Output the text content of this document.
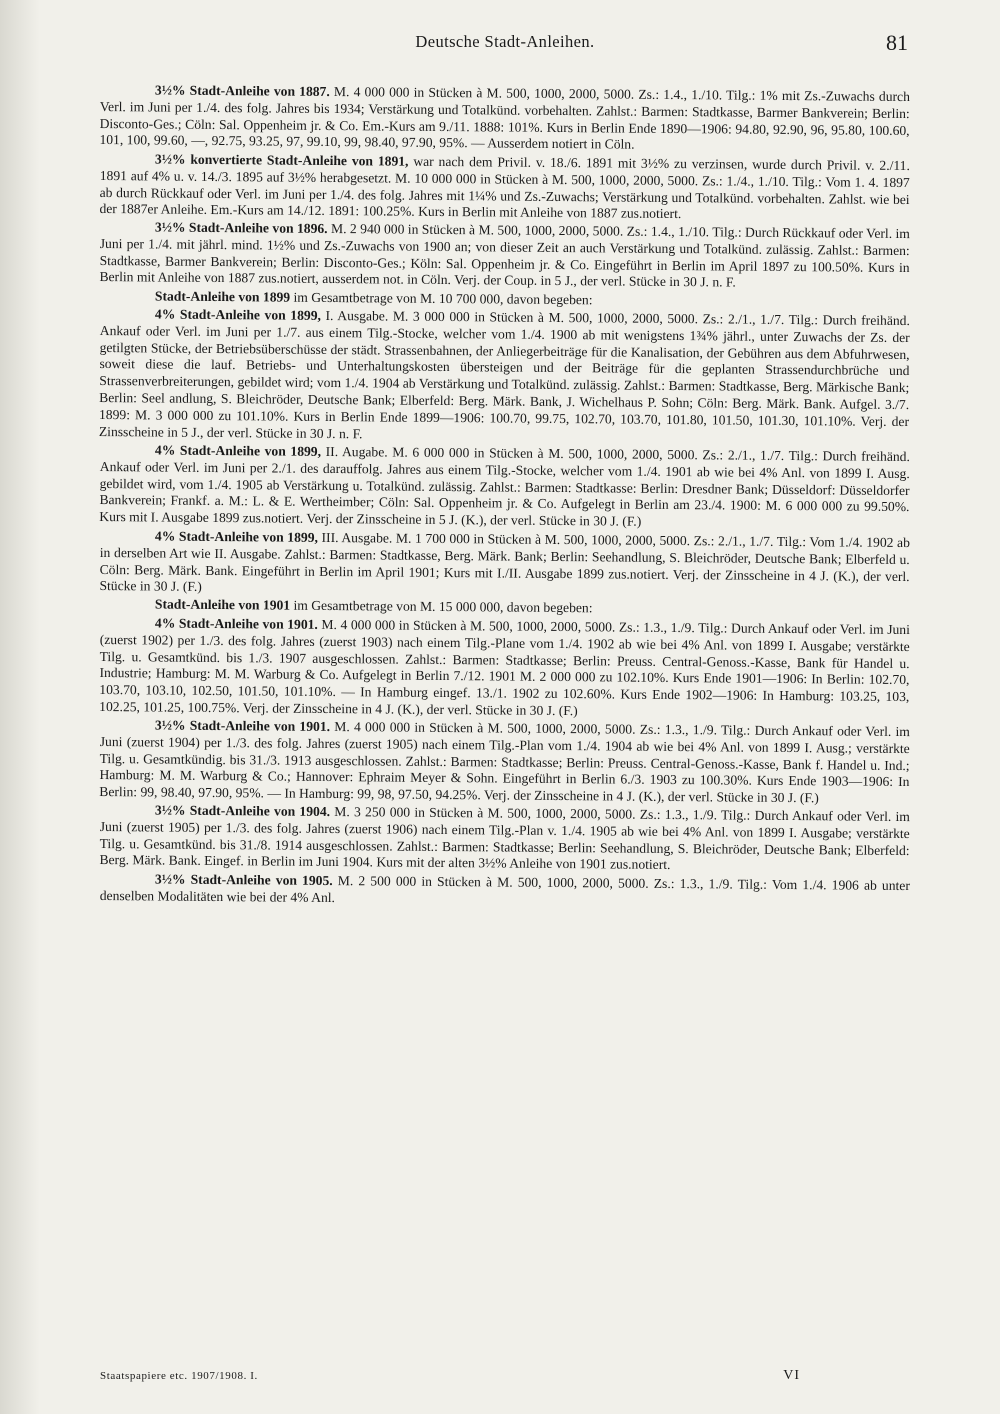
Deutsche Stadt-Anleihen.	81

3½% Stadt-Anleihe von 1887. M. 4 000 000 in Stücken à M. 500, 1000, 2000, 5000. Zs.: 1.4., 1./10. Tilg.: 1% mit Zs.-Zuwachs durch Verl. im Juni per 1./4. des folg. Jahres bis 1934; Verstärkung und Totalkünd. vorbehalten. Zahlst.: Barmen: Stadtkasse, Barmer Bankverein; Berlin: Disconto-Ges.; Cöln: Sal. Oppenheim jr. & Co. Em.-Kurs am 9./11. 1888: 101%. Kurs in Berlin Ende 1890—1906: 94.80, 92.90, 96, 95.80, 100.60, 101, 100, 99.60, —, 92.75, 93.25, 97, 99.10, 99, 98.40, 97.90, 95%. — Ausserdem notiert in Cöln.

3½% konvertierte Stadt-Anleihe von 1891, war nach dem Privil. v. 18./6. 1891 mit 3½% zu verzinsen, wurde durch Privil. v. 2./11. 1891 auf 4% u. v. 14./3. 1895 auf 3½% herabgesetzt. M. 10 000 000 in Stücken à M. 500, 1000, 2000, 5000. Zs.: 1./4., 1./10. Tilg.: Vom 1. 4. 1897 ab durch Rückkauf oder Verl. im Juni per 1./4. des folg. Jahres mit 1¼% und Zs.-Zuwachs; Verstärkung und Totalkünd. vorbehalten. Zahlst. wie bei der 1887er Anleihe. Em.-Kurs am 14./12. 1891: 100.25%. Kurs in Berlin mit Anleihe von 1887 zus.notiert.

3½% Stadt-Anleihe von 1896. M. 2 940 000 in Stücken à M. 500, 1000, 2000, 5000. Zs.: 1.4., 1./10. Tilg.: Durch Rückkauf oder Verl. im Juni per 1./4. mit jährl. mind. 1½% und Zs.-Zuwachs von 1900 an; von dieser Zeit an auch Verstärkung und Totalkünd. zulässig. Zahlst.: Barmen: Stadtkasse, Barmer Bankverein; Berlin: Disconto-Ges.; Köln: Sal. Oppenheim jr. & Co. Eingeführt in Berlin im April 1897 zu 100.50%. Kurs in Berlin mit Anleihe von 1887 zus.notiert, ausserdem not. in Cöln. Verj. der Coup. in 5 J., der verl. Stücke in 30 J. n. F.

Stadt-Anleihe von 1899 im Gesamtbetrage von M. 10 700 000, davon begeben:

4% Stadt-Anleihe von 1899, I. Ausgabe. M. 3 000 000 in Stücken à M. 500, 1000, 2000, 5000. Zs.: 2./1., 1./7. Tilg.: Durch freihänd. Ankauf oder Verl. im Juni per 1./7. aus einem Tilg.-Stocke, welcher vom 1./4. 1900 ab mit wenigstens 1¾% jährl., unter Zuwachs der Zs. der getilgten Stücke, der Betriebsüberschüsse der städt. Strassenbahnen, der Anliegerbeiträge für die Kanalisation, der Gebühren aus dem Abfuhrwesen, soweit diese die lauf. Betriebs- und Unterhaltungskosten übersteigen und der Beiträge für die geplanten Strassendurchbrüche und Strassenverbreiterungen, gebildet wird; vom 1./4. 1904 ab Verstärkung und Totalkünd. zulässig. Zahlst.: Barmen: Stadtkasse, Berg. Märkische Bank; Berlin: Seel andlung, S. Bleichröder, Deutsche Bank; Elberfeld: Berg. Märk. Bank, J. Wichelhaus P. Sohn; Cöln: Berg. Märk. Bank. Aufgel. 3./7. 1899: M. 3 000 000 zu 101.10%. Kurs in Berlin Ende 1899—1906: 100.70, 99.75, 102.70, 103.70, 101.80, 101.50, 101.30, 101.10%. Verj. der Zinsscheine in 5 J., der verl. Stücke in 30 J. n. F.

4% Stadt-Anleihe von 1899, II. Augabe. M. 6 000 000 in Stücken à M. 500, 1000, 2000, 5000. Zs.: 2./1., 1./7. Tilg.: Durch freihänd. Ankauf oder Verl. im Juni per 2./1. des darauffolg. Jahres aus einem Tilg.-Stocke, welcher vom 1./4. 1901 ab wie bei 4% Anl. von 1899 I. Ausg. gebildet wird, vom 1./4. 1905 ab Verstärkung u. Totalkünd. zulässig. Zahlst.: Barmen: Stadtkasse: Berlin: Dresdner Bank; Düsseldorf: Düsseldorfer Bankverein; Frankf. a. M.: L. & E. Wertheimber; Cöln: Sal. Oppenheim jr. & Co. Aufgelegt in Berlin am 23./4. 1900: M. 6 000 000 zu 99.50%. Kurs mit I. Ausgabe 1899 zus.notiert. Verj. der Zinsscheine in 5 J. (K.), der verl. Stücke in 30 J. (F.)

4% Stadt-Anleihe von 1899, III. Ausgabe. M. 1 700 000 in Stücken à M. 500, 1000, 2000, 5000. Zs.: 2./1., 1./7. Tilg.: Vom 1./4. 1902 ab in derselben Art wie II. Ausgabe. Zahlst.: Barmen: Stadtkasse, Berg. Märk. Bank; Berlin: Seehandlung, S. Bleichröder, Deutsche Bank; Elberfeld u. Cöln: Berg. Märk. Bank. Eingeführt in Berlin im April 1901; Kurs mit I./II. Ausgabe 1899 zus.notiert. Verj. der Zinsscheine in 4 J. (K.), der verl. Stücke in 30 J. (F.)

Stadt-Anleihe von 1901 im Gesamtbetrage von M. 15 000 000, davon begeben:

4% Stadt-Anleihe von 1901. M. 4 000 000 in Stücken à M. 500, 1000, 2000, 5000. Zs.: 1.3., 1./9. Tilg.: Durch Ankauf oder Verl. im Juni (zuerst 1902) per 1./3. des folg. Jahres (zuerst 1903) nach einem Tilg.-Plane vom 1./4. 1902 ab wie bei 4% Anl. von 1899 I. Ausgabe; verstärkte Tilg. u. Gesamtkünd. bis 1./3. 1907 ausgeschlossen. Zahlst.: Barmen: Stadtkasse; Berlin: Preuss. Central-Genoss.-Kasse, Bank für Handel u. Industrie; Hamburg: M. M. Warburg & Co. Aufgelegt in Berlin 7./12. 1901 M. 2 000 000 zu 102.10%. Kurs Ende 1901—1906: In Berlin: 102.70, 103.70, 103.10, 102.50, 101.50, 101.10%. — In Hamburg eingef. 13./1. 1902 zu 102.60%. Kurs Ende 1902—1906: In Hamburg: 103.25, 103, 102.25, 101.25, 100.75%. Verj. der Zinsscheine in 4 J. (K.), der verl. Stücke in 30 J. (F.)

3½% Stadt-Anleihe von 1901. M. 4 000 000 in Stücken à M. 500, 1000, 2000, 5000. Zs.: 1.3., 1./9. Tilg.: Durch Ankauf oder Verl. im Juni (zuerst 1904) per 1./3. des folg. Jahres (zuerst 1905) nach einem Tilg.-Plan vom 1./4. 1904 ab wie bei 4% Anl. von 1899 I. Ausg.; verstärkte Tilg. u. Gesamtkündig. bis 31./3. 1913 ausgeschlossen. Zahlst.: Barmen: Stadtkasse; Berlin: Preuss. Central-Genoss.-Kasse, Bank f. Handel u. Ind.; Hamburg: M. M. Warburg & Co.; Hannover: Ephraim Meyer & Sohn. Eingeführt in Berlin 6./3. 1903 zu 100.30%. Kurs Ende 1903—1906: In Berlin: 99, 98.40, 97.90, 95%. — In Hamburg: 99, 98, 97.50, 94.25%. Verj. der Zinsscheine in 4 J. (K.), der verl. Stücke in 30 J. (F.)

3½% Stadt-Anleihe von 1904. M. 3 250 000 in Stücken à M. 500, 1000, 2000, 5000. Zs.: 1.3., 1./9. Tilg.: Durch Ankauf oder Verl. im Juni (zuerst 1905) per 1./3. des folg. Jahres (zuerst 1906) nach einem Tilg.-Plan v. 1./4. 1905 ab wie bei 4% Anl. von 1899 I. Ausgabe; verstärkte Tilg. u. Gesamtkünd. bis 31./8. 1914 ausgeschlossen. Zahlst.: Barmen: Stadtkasse; Berlin: Seehandlung, S. Bleichröder, Deutsche Bank; Elberfeld: Berg. Märk. Bank. Eingef. in Berlin im Juni 1904. Kurs mit der alten 3½% Anleihe von 1901 zus.notiert.

3½% Stadt-Anleihe von 1905. M. 2 500 000 in Stücken à M. 500, 1000, 2000, 5000. Zs.: 1.3., 1./9. Tilg.: Vom 1./4. 1906 ab unter denselben Modalitäten wie bei der 4% Anl.

Staatspapiere etc. 1907/1908. I.	VI
